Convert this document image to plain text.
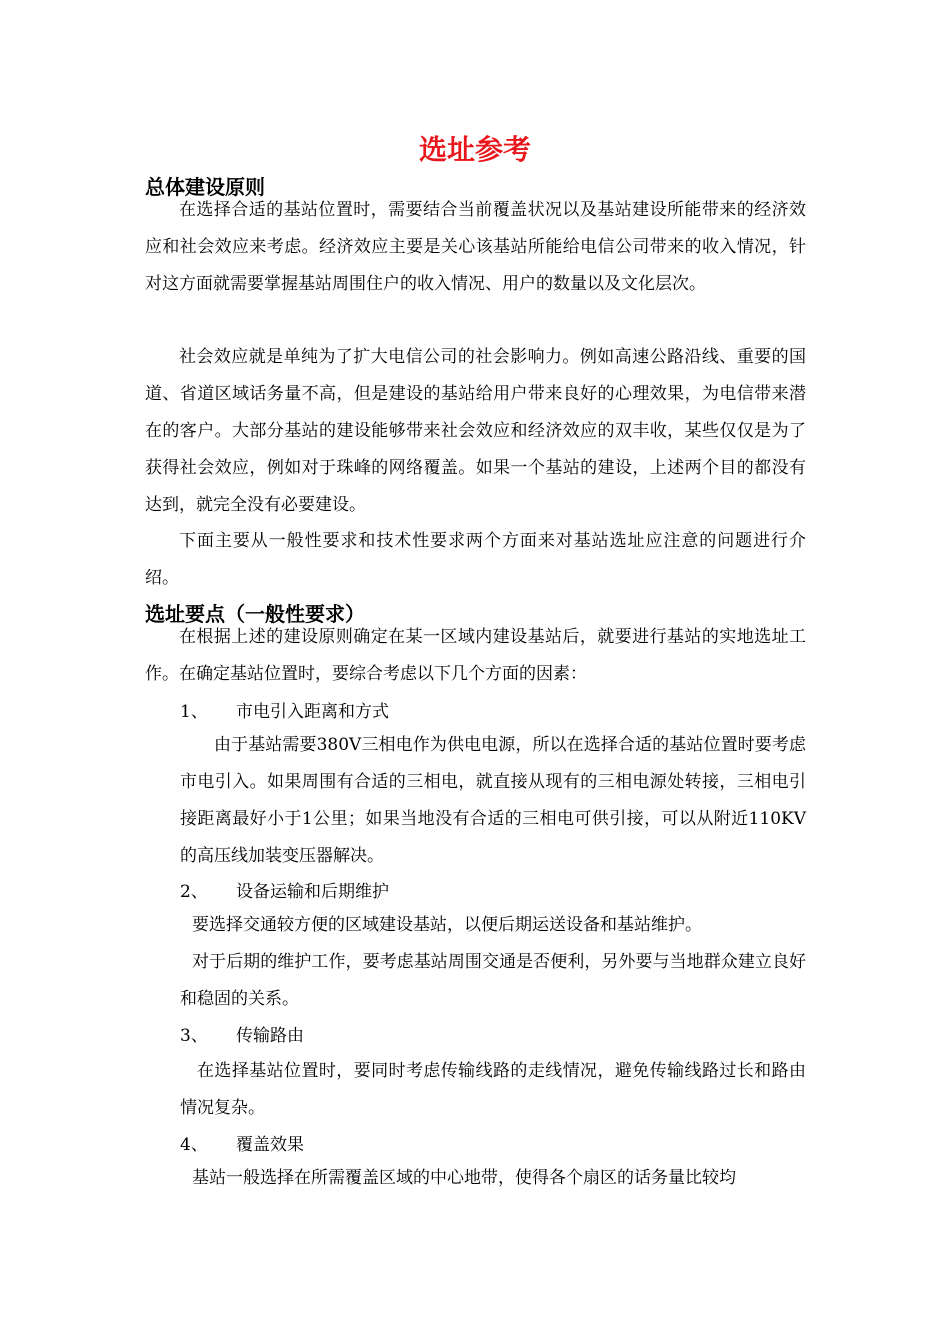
选址参考
总体建设原则
在选择合适的基站位置时，需要结合当前覆盖状况以及基站建设所能带来的经济效应和社会效应来考虑。经济效应主要是关心该基站所能给电信公司带来的收入情况，针对这方面就需要掌握基站周围住户的收入情况、用户的数量以及文化层次。
社会效应就是单纯为了扩大电信公司的社会影响力。例如高速公路沿线、重要的国道、省道区域话务量不高，但是建设的基站给用户带来良好的心理效果，为电信带来潜在的客户。大部分基站的建设能够带来社会效应和经济效应的双丰收，某些仅仅是为了获得社会效应，例如对于珠峰的网络覆盖。如果一个基站的建设，上述两个目的都没有达到，就完全没有必要建设。
下面主要从一般性要求和技术性要求两个方面来对基站选址应注意的问题进行介绍。
选址要点（一般性要求）
在根据上述的建设原则确定在某一区域内建设基站后，就要进行基站的实地选址工作。在确定基站位置时，要综合考虑以下几个方面的因素：
1、 市电引入距离和方式
由于基站需要380V三相电作为供电电源，所以在选择合适的基站位置时要考虑市电引入。如果周围有合适的三相电，就直接从现有的三相电源处转接，三相电引接距离最好小于1公里；如果当地没有合适的三相电可供引接，可以从附近110KV的高压线加装变压器解决。
2、 设备运输和后期维护
要选择交通较方便的区域建设基站，以便后期运送设备和基站维护。
对于后期的维护工作，要考虑基站周围交通是否便利，另外要与当地群众建立良好和稳固的关系。
3、 传输路由
在选择基站位置时，要同时考虑传输线路的走线情况，避免传输线路过长和路由情况复杂。
4、 覆盖效果
基站一般选择在所需覆盖区域的中心地带，使得各个扇区的话务量比较均
